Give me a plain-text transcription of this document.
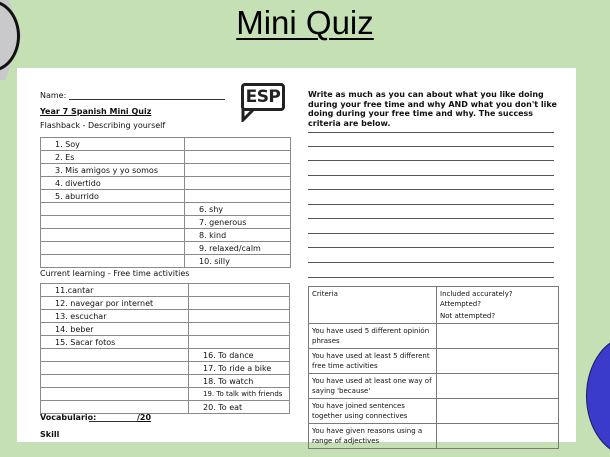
Mini Quiz
Name:
Year 7 Spanish Mini Quiz
Flashback - Describing yourself
ESP
1. Soy	
2. Es	
3. Mis amigos y yo somos	
4. divertido	
5. aburrido	
	6. shy
	7. generous
	8. kind
	9. relaxed/calm
	10. silly
Current learning - Free time activities
11.cantar	
12. navegar por internet	
13. escuchar	
14. beber	
15. Sacar fotos	
	16. To dance
	17. To ride a bike
	18. To watch
	19. To talk with friends
	20. To eat
Vocabulario:	/20
Skill
Write as much as you can about what you like doing during your free time and why AND what you don't like doing during your free time and why. The success criteria are below.
Criteria	Included accurately? Attempted?
Not attempted?

You have used 5 different opinión phrases	
You have used at least 5 different free time activities	
You have used at least one way of saying 'because'	
You have joined sentences together using connectives	
You have given reasons using a range of adjectives	
